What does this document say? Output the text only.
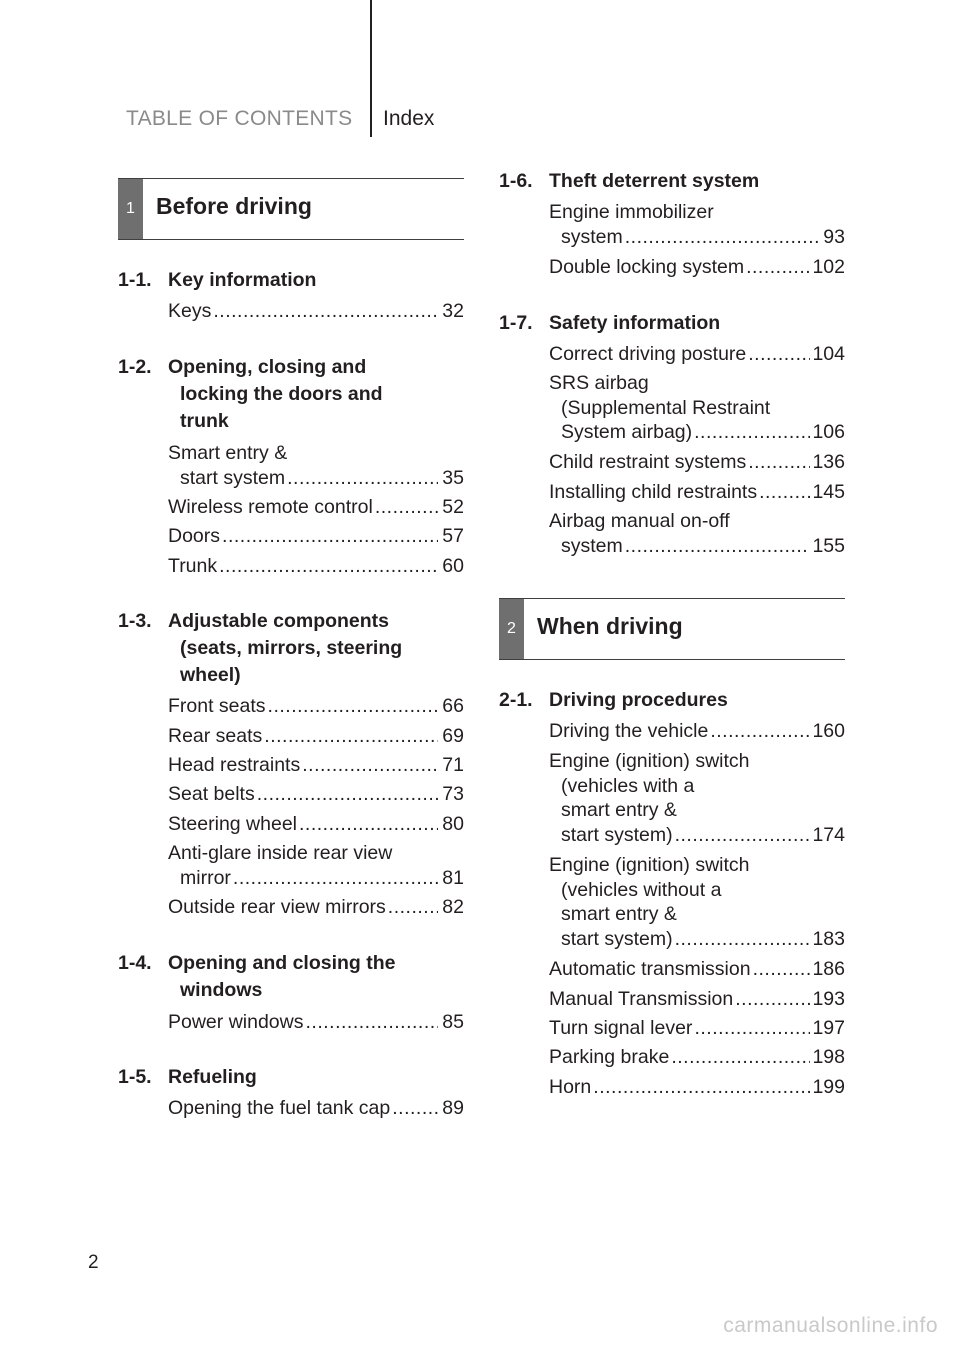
TABLE OF CONTENTS Index
1 Before driving
1-1. Key information
Keys .....	32
1-2. Opening, closing and
locking the doors and
trunk
Smart entry &
start system .....	35
Wireless remote control .....	52
Doors .....	57
Trunk .....	60
1-3. Adjustable components
(seats, mirrors, steering
wheel)
Front seats .....	66
Rear seats .....	69
Head restraints .....	71
Seat belts .....	73
Steering wheel .....	80
Anti-glare inside rear view
mirror .....	81
Outside rear view mirrors .....	82
1-4. Opening and closing the
windows
Power windows .....	85
1-5. Refueling
Opening the fuel tank cap .....	89
1-6. Theft deterrent system
Engine immobilizer
system .....	93
Double locking system .....	102
1-7. Safety information
Correct driving posture .....	104
SRS airbag
(Supplemental Restraint
System airbag) .....	106
Child restraint systems .....	136
Installing child restraints .....	145
Airbag manual on-off
system .....	155
2 When driving
2-1. Driving procedures
Driving the vehicle .....	160
Engine (ignition) switch
(vehicles with a
smart entry &
start system) .....	174
Engine (ignition) switch
(vehicles without a
smart entry &
start system) .....	183
Automatic transmission .....	186
Manual Transmission .....	193
Turn signal lever .....	197
Parking brake .....	198
Horn .....	199
2
carmanualsonline.info
